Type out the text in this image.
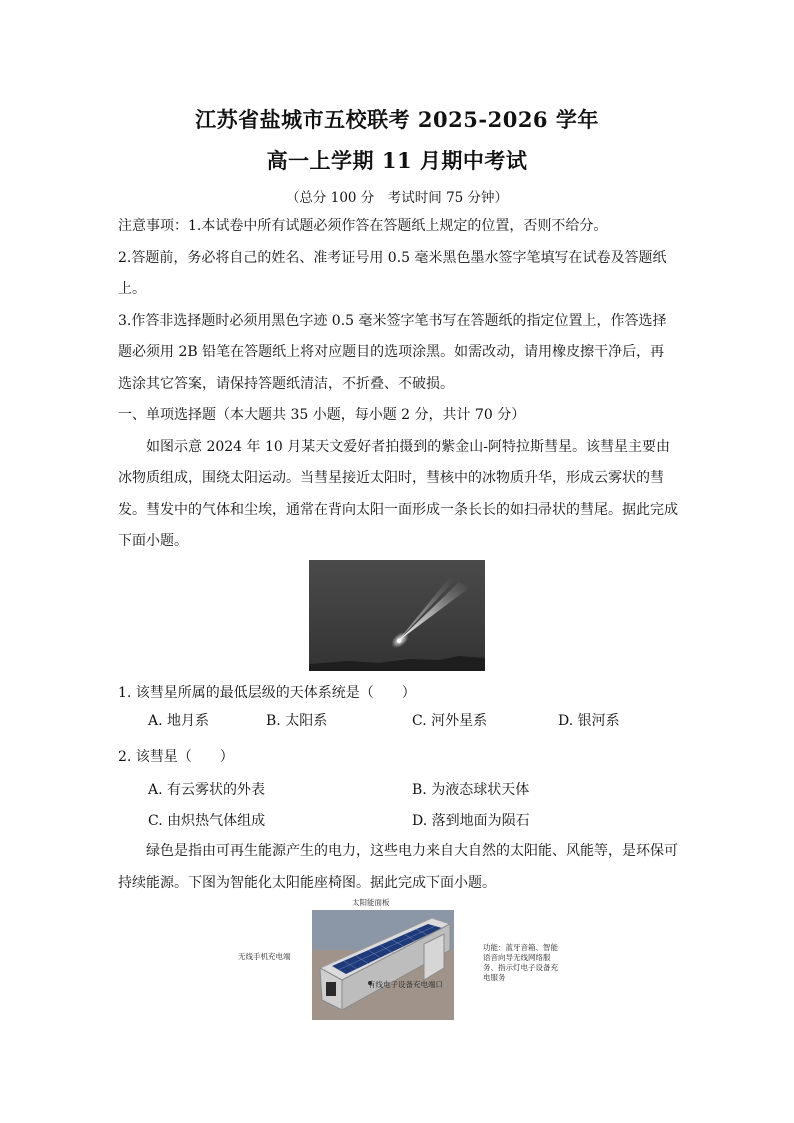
江苏省盐城市五校联考 2025-2026 学年
高一上学期 11 月期中考试
（总分 100 分　考试时间 75 分钟）

注意事项：1.本试卷中所有试题必须作答在答题纸上规定的位置，否则不给分。

2.答题前，务必将自己的姓名、准考证号用 0.5 毫米黑色墨水签字笔填写在试卷及答题纸上。

3.作答非选择题时必须用黑色字迹 0.5 毫米签字笔书写在答题纸的指定位置上，作答选择题必须用 2B 铅笔在答题纸上将对应题目的选项涂黑。如需改动，请用橡皮擦干净后，再选涂其它答案，请保持答题纸清洁，不折叠、不破损。

一、单项选择题（本大题共 35 小题，每小题 2 分，共计 70 分）

如图示意 2024 年 10 月某天文爱好者拍摄到的紫金山-阿特拉斯彗星。该彗星主要由冰物质组成，围绕太阳运动。当彗星接近太阳时，彗核中的冰物质升华，形成云雾状的彗发。彗发中的气体和尘埃，通常在背向太阳一面形成一条长长的如扫帚状的彗尾。据此完成下面小题。

1. 该彗星所属的最低层级的天体系统是（　　）

A. 地月系	B. 太阳系	C. 河外星系	D. 银河系

2. 该彗星（　　）

A. 有云雾状的外表	B. 为液态球状天体
C. 由炽热气体组成	D. 落到地面为陨石

绿色是指由可再生能源产生的电力，这些电力来自大自然的太阳能、风能等，是环保可持续能源。下图为智能化太阳能座椅图。据此完成下面小题。

太阳能面板
无线手机充电端
功能：蓝牙音箱、智能语音向导无线网络服务、指示灯电子设备充电服务
有线电子设备充电端口
